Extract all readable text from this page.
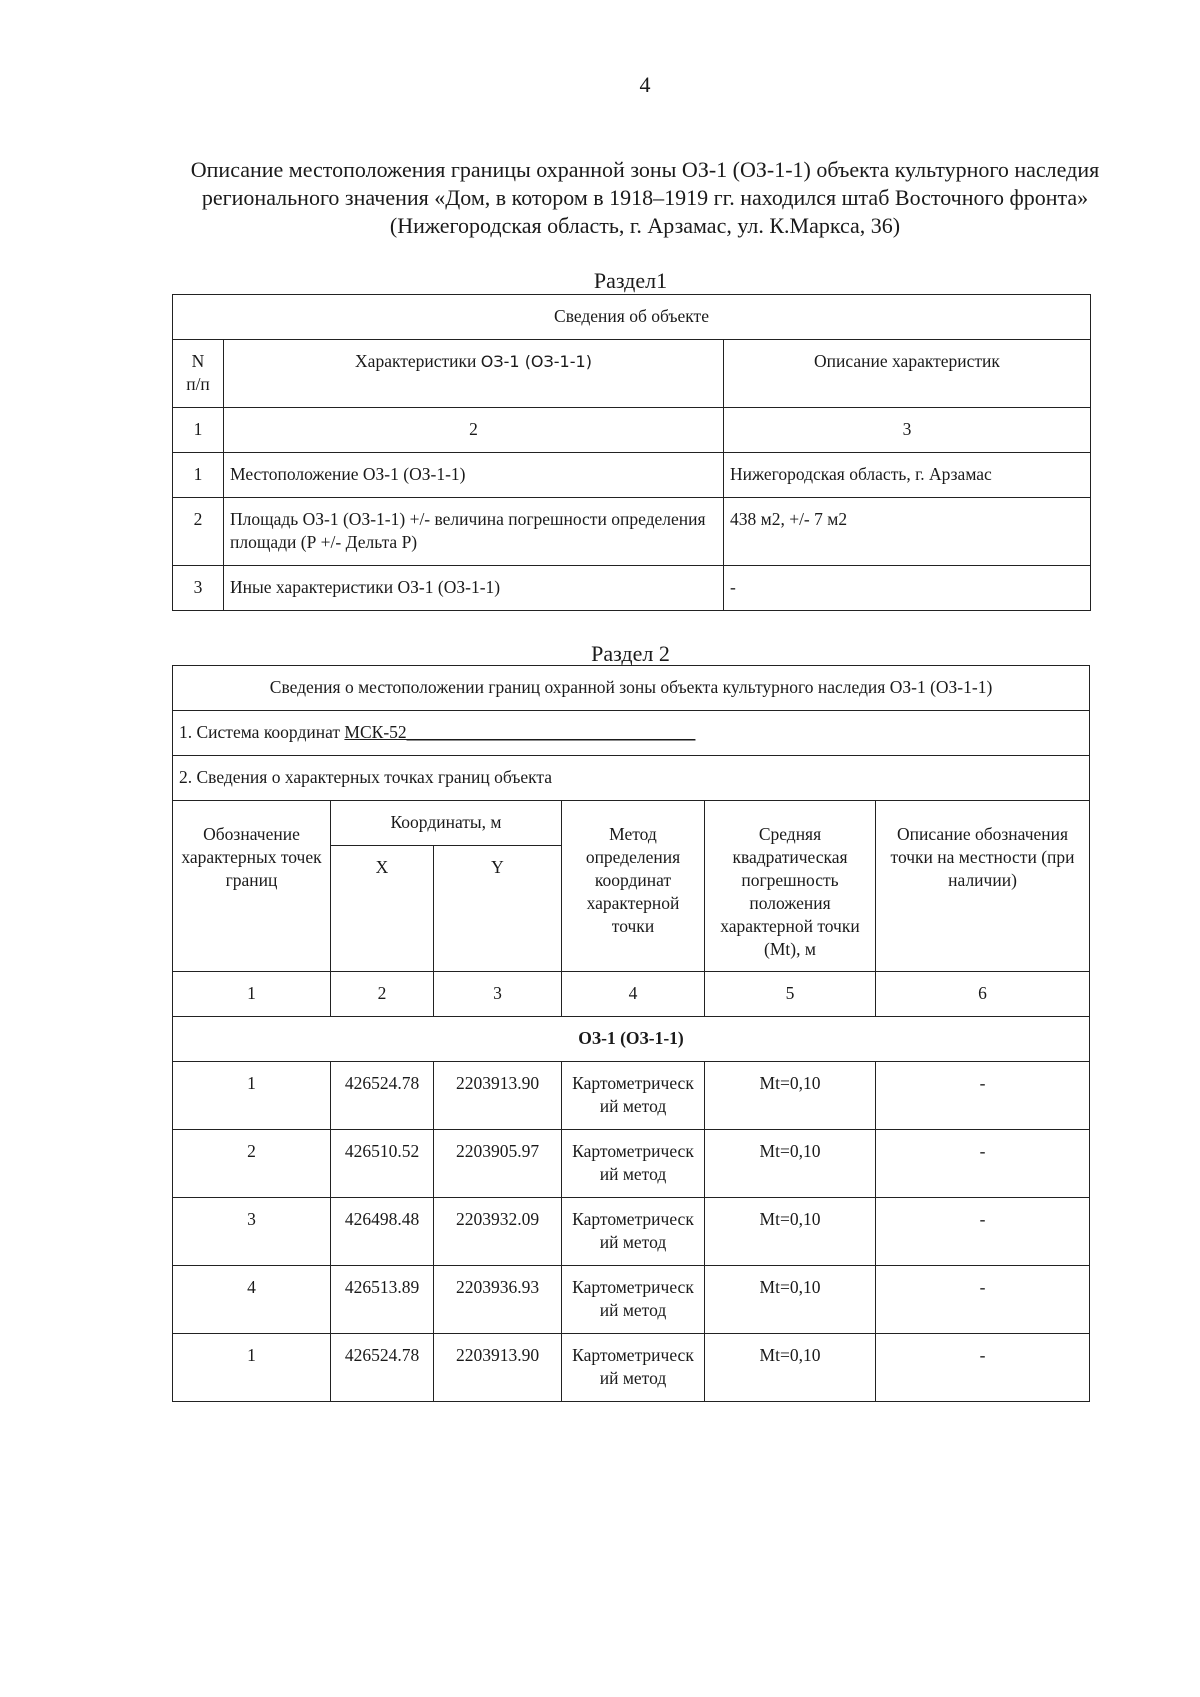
4
Описание местоположения границы охранной зоны ОЗ-1 (ОЗ-1-1) объекта культурного наследия регионального значения «Дом, в котором в 1918–1919 гг. находился штаб Восточного фронта» (Нижегородская область, г. Арзамас, ул. К.Маркса, 36)
Раздел1
Сведения об объекте		
N
п/п	Характеристики ОЗ-1 (ОЗ-1-1)	Описание характеристик
1	2	3
1	Местоположение ОЗ-1 (ОЗ-1-1)	Нижегородская область, г. Арзамас
2	Площадь ОЗ-1 (ОЗ-1-1) +/- величина погрешности определения площади (Р +/- Дельта Р)	438 м2, +/- 7 м2
3	Иные характеристики ОЗ-1 (ОЗ-1-1)	-
Раздел 2
Сведения о местоположении границ охранной зоны объекта культурного наследия ОЗ-1 (ОЗ-1-1)					
1. Система координат МСК-52_________________________________					
2. Сведения о характерных точках границ объекта					
Обозначение характерных точек границ	Координаты, м		Метод определения координат характерной точки	Средняя квадратическая погрешность положения характерной точки (Mt), м	Описание обозначения точки на местности (при наличии)
	X	Y			
1	2	3	4	5	6
ОЗ-1 (ОЗ-1-1)					
1	426524.78	2203913.90	Картометрический метод	Mt=0,10	-
2	426510.52	2203905.97	Картометрический метод	Mt=0,10	-
3	426498.48	2203932.09	Картометрический метод	Mt=0,10	-
4	426513.89	2203936.93	Картометрический метод	Mt=0,10	-
1	426524.78	2203913.90	Картометрический метод	Mt=0,10	-
